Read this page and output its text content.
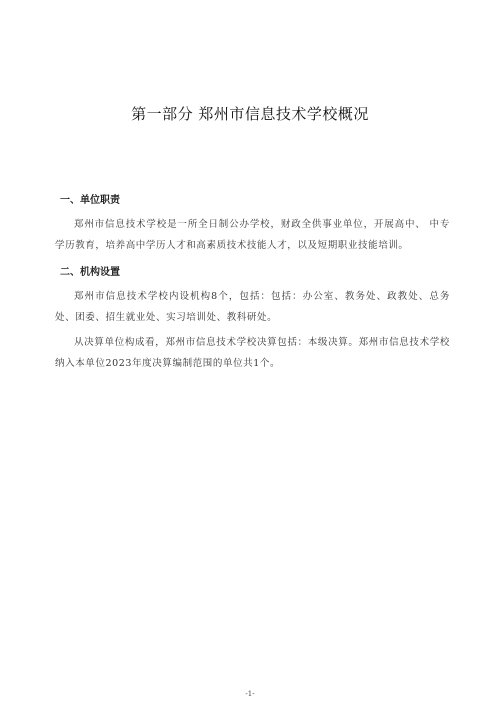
第一部分 郑州市信息技术学校概况
一、单位职责

郑州市信息技术学校是一所全日制公办学校，财政全供事业单位，开展高中、 中专学历教育，培养高中学历人才和高素质技术技能人才，以及短期职业技能培训。

二、机构设置

郑州市信息技术学校内设机构8个，包括：包括：办公室、教务处、政教处、总务处、团委、招生就业处、实习培训处、教科研处。

从决算单位构成看，郑州市信息技术学校决算包括：本级决算。郑州市信息技术学校纳入本单位2023年度决算编制范围的单位共1个。

-1-
